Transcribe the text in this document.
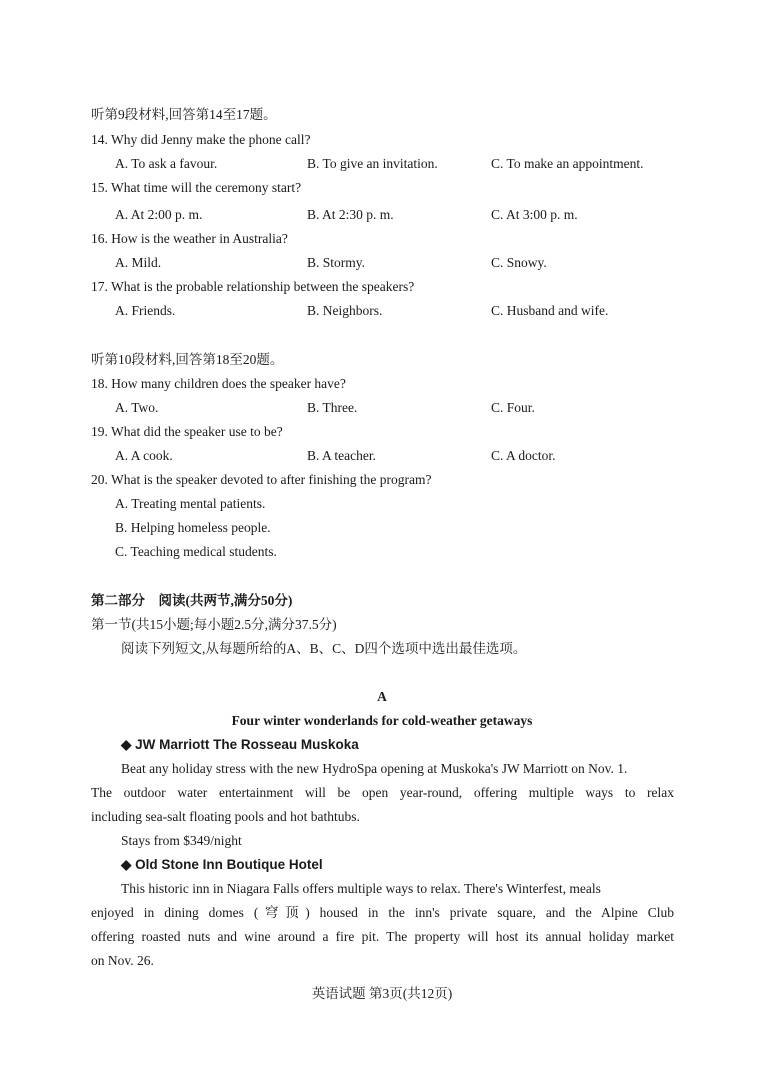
听第9段材料,回答第14至17题。
14. Why did Jenny make the phone call?
A. To ask a favour.	B. To give an invitation.	C. To make an appointment.
15. What time will the ceremony start?
A. At 2:00 p. m.	B. At 2:30 p. m.	C. At 3:00 p. m.
16. How is the weather in Australia?
A. Mild.	B. Stormy.	C. Snowy.
17. What is the probable relationship between the speakers?
A. Friends.	B. Neighbors.	C. Husband and wife.
听第10段材料,回答第18至20题。
18. How many children does the speaker have?
A. Two.	B. Three.	C. Four.
19. What did the speaker use to be?
A. A cook.	B. A teacher.	C. A doctor.
20. What is the speaker devoted to after finishing the program?
A. Treating mental patients.
B. Helping homeless people.
C. Teaching medical students.
第二部分　阅读(共两节,满分50分)
第一节(共15小题;每小题2.5分,满分37.5分)
阅读下列短文,从每题所给的A、B、C、D四个选项中选出最佳选项。
A
Four winter wonderlands for cold-weather getaways
◆ JW Marriott The Rosseau Muskoka
Beat any holiday stress with the new HydroSpa opening at Muskoka's JW Marriott on Nov. 1.
The outdoor water entertainment will be open year-round, offering multiple ways to relax
including sea-salt floating pools and hot bathtubs.
Stays from $349/night
◆ Old Stone Inn Boutique Hotel
This historic inn in Niagara Falls offers multiple ways to relax. There's Winterfest, meals
enjoyed in dining domes (穹顶) housed in the inn's private square, and the Alpine Club
offering roasted nuts and wine around a fire pit. The property will host its annual holiday market
on Nov. 26.
英语试题 第3页(共12页)
